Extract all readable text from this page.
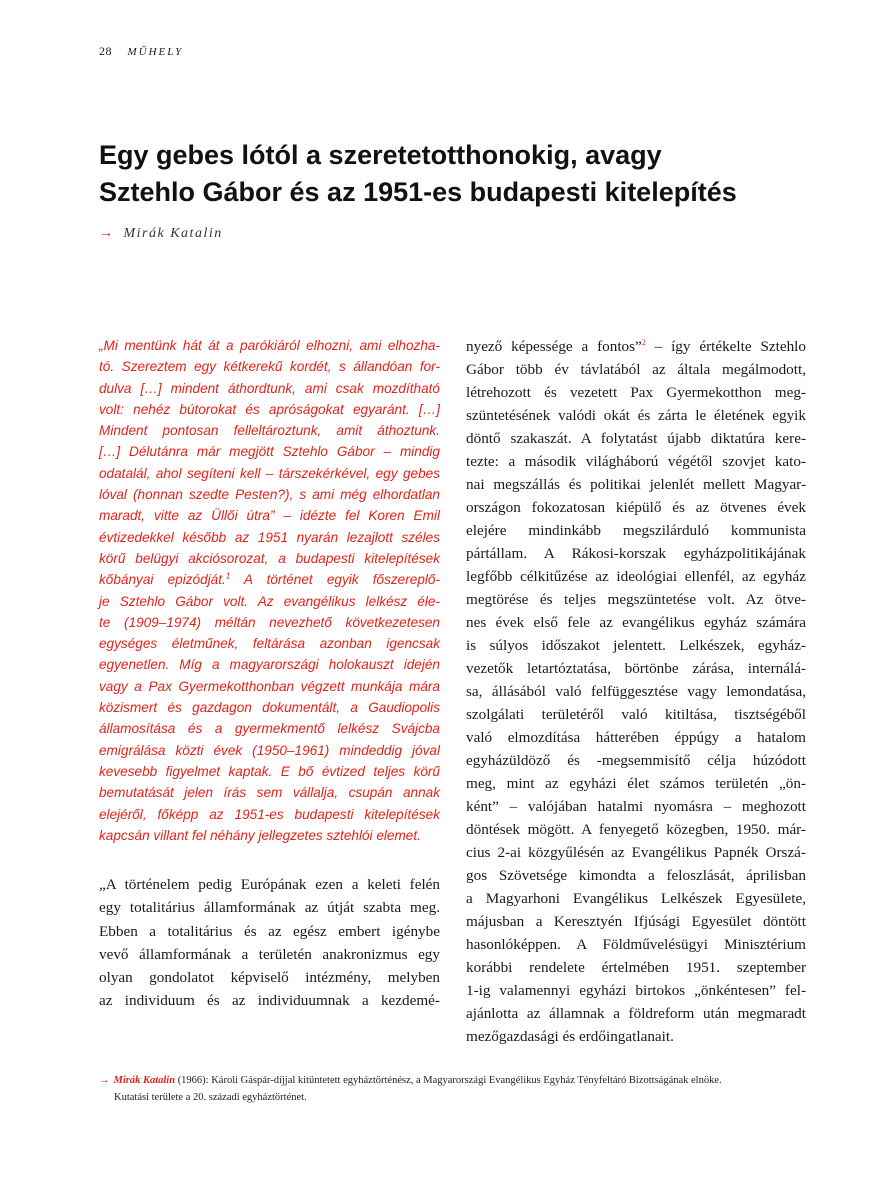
28 MŰHELY
Egy gebes lótól a szeretetotthonokig, avagy
Sztehlo Gábor és az 1951-es budapesti kitelepítés
→ Mirák Katalin
„Mi mentünk hát át a parókiáról elhozni, ami elhozha-
tó. Szereztem egy kétkerekű kordét, s állandóan for-
dulva […] mindent áthordtunk, ami csak mozdítható
volt: nehéz bútorokat és apróságokat egyaránt. […]
Mindent pontosan felleltároztunk, amit áthoztunk.
[…] Délutánra már megjött Sztehlo Gábor – mindig
odatalál, ahol segíteni kell – társzekérkével, egy gebes
lóval (honnan szedte Pesten?), s ami még elhordatlan
maradt, vitte az Üllői útra” – idézte fel Koren Emil
évtizedekkel később az 1951 nyarán lezajlott széles
körű belügyi akciósorozat, a budapesti kitelepítések
kőbányai epizódját.$^1$ A történet egyik főszereplő-
je Sztehlo Gábor volt. Az evangélikus lelkész éle-
te (1909–1974) méltán nevezhető következetesen
egységes életműnek, feltárása azonban igencsak
egyenetlen. Míg a magyarországi holokauszt idején
vagy a Pax Gyermekotthonban végzett munkája mára
közismert és gazdagon dokumentált, a Gaudiopolis
államosítása és a gyermekmentő lelkész Svájcba
emigrálása közti évek (1950–1961) mindeddig jóval
kevesebb figyelmet kaptak. E bő évtized teljes körű
bemutatását jelen írás sem vállalja, csupán annak
elejéről, főképp az 1951-es budapesti kitelepítések
kapcsán villant fel néhány jellegzetes sztehlói elemet.
„A történelem pedig Európának ezen a keleti felén
egy totalitárius államformának az útját szabta meg.
Ebben a totalitárius és az egész embert igénybe
vevő államformának a területén anakronizmus egy
olyan gondolatot képviselő intézmény, melyben
az individuum és az individuumnak a kezdemé-
nyező képessége a fontos”$^2$ – így értékelte Sztehlo
Gábor több év távlatából az általa megálmodott,
létrehozott és vezetett Pax Gyermekotthon meg-
szüntetésének valódi okát és zárta le életének egyik
döntő szakaszát. A folytatást újabb diktatúra kere-
tezte: a második világháború végétől szovjet kato-
nai megszállás és politikai jelenlét mellett Magyar-
országon fokozatosan kiépülő és az ötvenes évek
elejére mindinkább megszilárduló kommunista
pártállam. A Rákosi-korszak egyházpolitikájának
legfőbb célkitűzése az ideológiai ellenfél, az egyház
megtörése és teljes megszüntetése volt. Az ötve-
nes évek első fele az evangélikus egyház számára
is súlyos időszakot jelentett. Lelkészek, egyház-
vezetők letartóztatása, börtönbe zárása, internálá-
sa, állásából való felfüggesztése vagy lemondatása,
szolgálati területéről való kitiltása, tisztségéből
való elmozdítása hátterében éppúgy a hatalom
egyházüldöző és -megsemmisítő célja húzódott
meg, mint az egyházi élet számos területén „ön-
ként” – valójában hatalmi nyomásra – meghozott
döntések mögött. A fenyegető közegben, 1950. már-
cius 2-ai közgyűlésén az Evangélikus Papnék Orszá-
gos Szövetsége kimondta a feloszlását, áprilisban
a Magyarhoni Evangélikus Lelkészek Egyesülete,
májusban a Keresztyén Ifjúsági Egyesület döntött
hasonlóképpen. A Földművelésügyi Minisztérium
korábbi rendelete értelmében 1951. szeptember
1-ig valamennyi egyházi birtokos „önkéntesen” fel-
ajánlotta az államnak a földreform után megmaradt
mezőgazdasági és erdőingatlanait.
→ Mirák Katalin (1966): Károli Gáspár-díjjal kitüntetett egyháztörténész, a Magyarországi Evangélikus Egyház Tényfeltáró Bizottságának elnöke.
Kutatási területe a 20. századi egyháztörténet.
